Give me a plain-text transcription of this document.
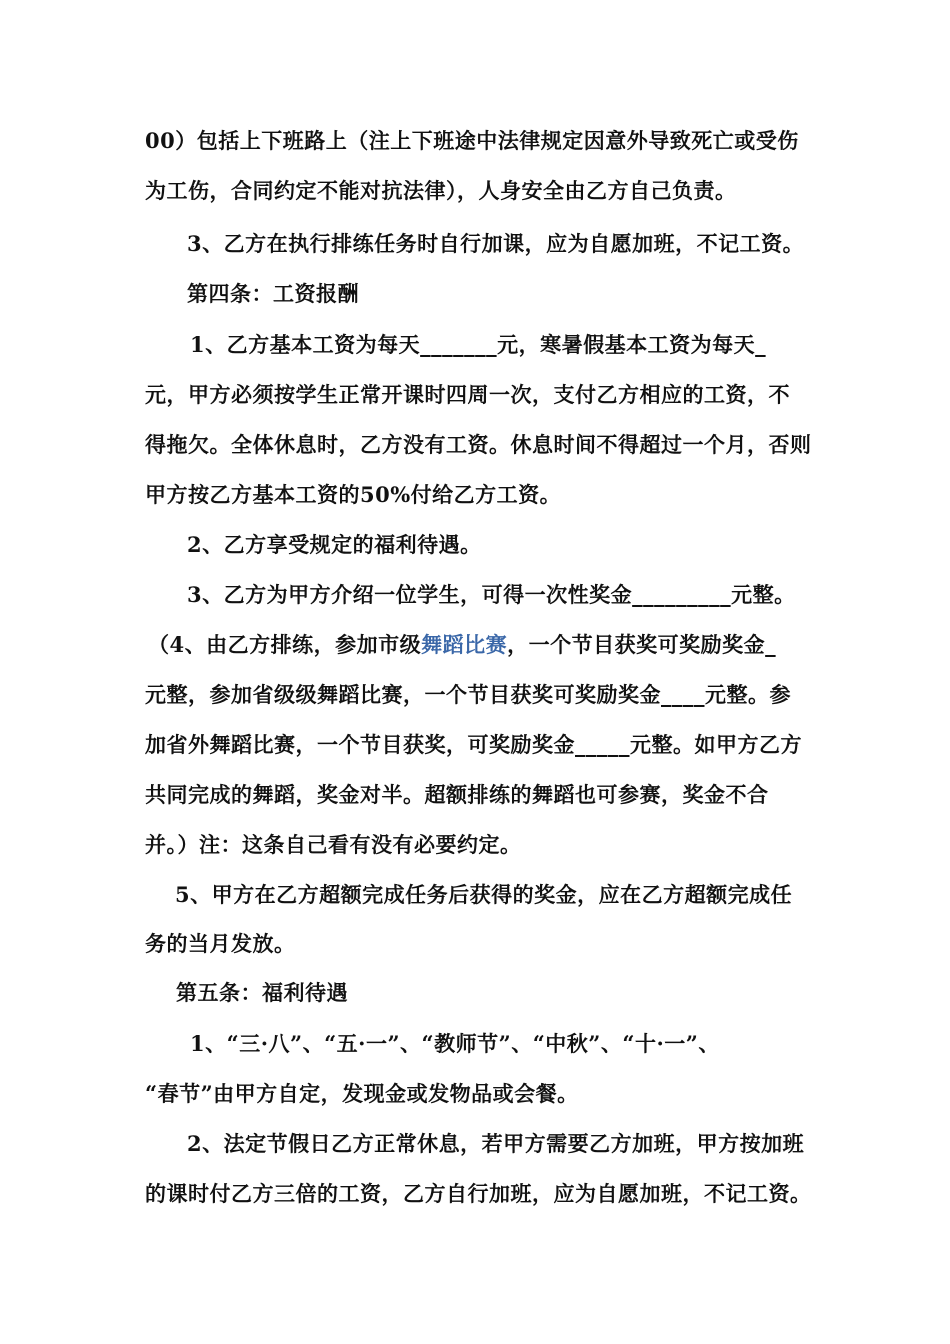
00）包括上下班路上（注上下班途中法律规定因意外导致死亡或受伤
为工伤，合同约定不能对抗法律），人身安全由乙方自己负责。
3、乙方在执行排练任务时自行加课，应为自愿加班，不记工资。
第四条：工资报酬
1、乙方基本工资为每天_______元，寒暑假基本工资为每天_
元，甲方必须按学生正常开课时四周一次，支付乙方相应的工资，不
得拖欠。全体休息时，乙方没有工资。休息时间不得超过一个月，否则
甲方按乙方基本工资的50%付给乙方工资。
2、乙方享受规定的福利待遇。
3、乙方为甲方介绍一位学生，可得一次性奖金_________元整。
（4、由乙方排练，参加市级舞蹈比赛，一个节目获奖可奖励奖金_
元整，参加省级级舞蹈比赛，一个节目获奖可奖励奖金____元整。参
加省外舞蹈比赛，一个节目获奖，可奖励奖金_____元整。如甲方乙方
共同完成的舞蹈，奖金对半。超额排练的舞蹈也可参赛，奖金不合
并。）注：这条自己看有没有必要约定。
5、甲方在乙方超额完成任务后获得的奖金，应在乙方超额完成任
务的当月发放。
第五条：福利待遇
1、“三·八”、“五·一”、“教师节”、“中秋”、“十·一”、
“春节”由甲方自定，发现金或发物品或会餐。
2、法定节假日乙方正常休息，若甲方需要乙方加班，甲方按加班
的课时付乙方三倍的工资，乙方自行加班，应为自愿加班，不记工资。
